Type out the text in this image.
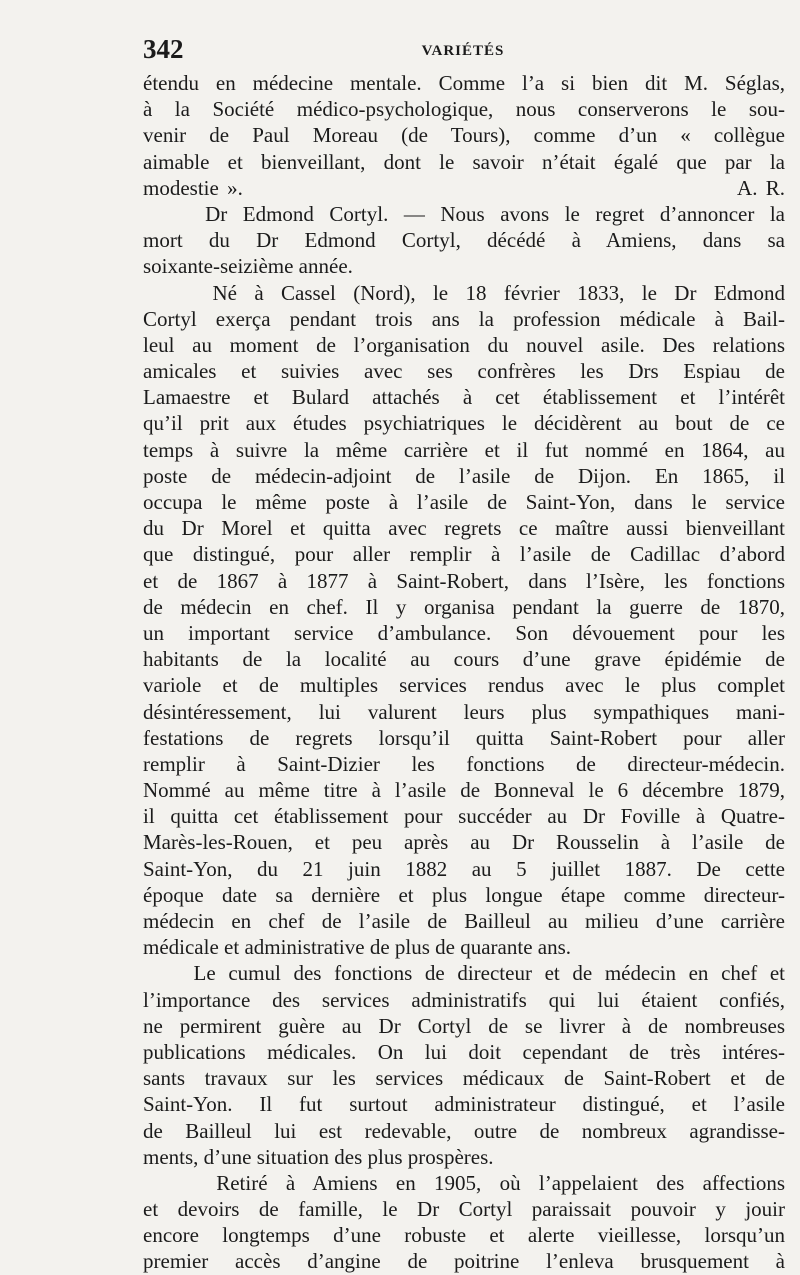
342	VARIÉTÉS
étendu en médecine mentale. Comme l’a si bien dit M. Séglas,
à la Société médico-psychologique, nous conserverons le sou-
venir de Paul Moreau (de Tours), comme d’un « collègue
aimable et bienveillant, dont le savoir n’était égalé que par la
modestie ».                                                            A. R.
Dr Edmond Cortyl. — Nous avons le regret d’annoncer la
mort du Dr Edmond Cortyl, décédé à Amiens, dans sa
soixante-seizième année.
Né à Cassel (Nord), le 18 février 1833, le Dr Edmond
Cortyl exerça pendant trois ans la profession médicale à Bail-
leul au moment de l’organisation du nouvel asile. Des relations
amicales et suivies avec ses confrères les Drs Espiau de
Lamaestre et Bulard attachés à cet établissement et l’intérêt
qu’il prit aux études psychiatriques le décidèrent au bout de ce
temps à suivre la même carrière et il fut nommé en 1864, au
poste de médecin-adjoint de l’asile de Dijon. En 1865, il
occupa le même poste à l’asile de Saint-Yon, dans le service
du Dr Morel et quitta avec regrets ce maître aussi bienveillant
que distingué, pour aller remplir à l’asile de Cadillac d’abord
et de 1867 à 1877 à Saint-Robert, dans l’Isère, les fonctions
de médecin en chef. Il y organisa pendant la guerre de 1870,
un important service d’ambulance. Son dévouement pour les
habitants de la localité au cours d’une grave épidémie de
variole et de multiples services rendus avec le plus complet
désintéressement, lui valurent leurs plus sympathiques mani-
festations de regrets lorsqu’il quitta Saint-Robert pour aller
remplir à Saint-Dizier les fonctions de directeur-médecin.
Nommé au même titre à l’asile de Bonneval le 6 décembre 1879,
il quitta cet établissement pour succéder au Dr Foville à Quatre-
Marès-les-Rouen, et peu après au Dr Rousselin à l’asile de
Saint-Yon, du 21 juin 1882 au 5 juillet 1887. De cette
époque date sa dernière et plus longue étape comme directeur-
médecin en chef de l’asile de Bailleul au milieu d’une carrière
médicale et administrative de plus de quarante ans.
Le cumul des fonctions de directeur et de médecin en chef et
l’importance des services administratifs qui lui étaient confiés,
ne permirent guère au Dr Cortyl de se livrer à de nombreuses
publications médicales. On lui doit cependant de très intéres-
sants travaux sur les services médicaux de Saint-Robert et de
Saint-Yon. Il fut surtout administrateur distingué, et l’asile
de Bailleul lui est redevable, outre de nombreux agrandisse-
ments, d’une situation des plus prospères.
Retiré à Amiens en 1905, où l’appelaient des affections
et devoirs de famille, le Dr Cortyl paraissait pouvoir y jouir
encore longtemps d’une robuste et alerte vieillesse, lorsqu’un
premier accès d’angine de poitrine l’enleva brusquement à
